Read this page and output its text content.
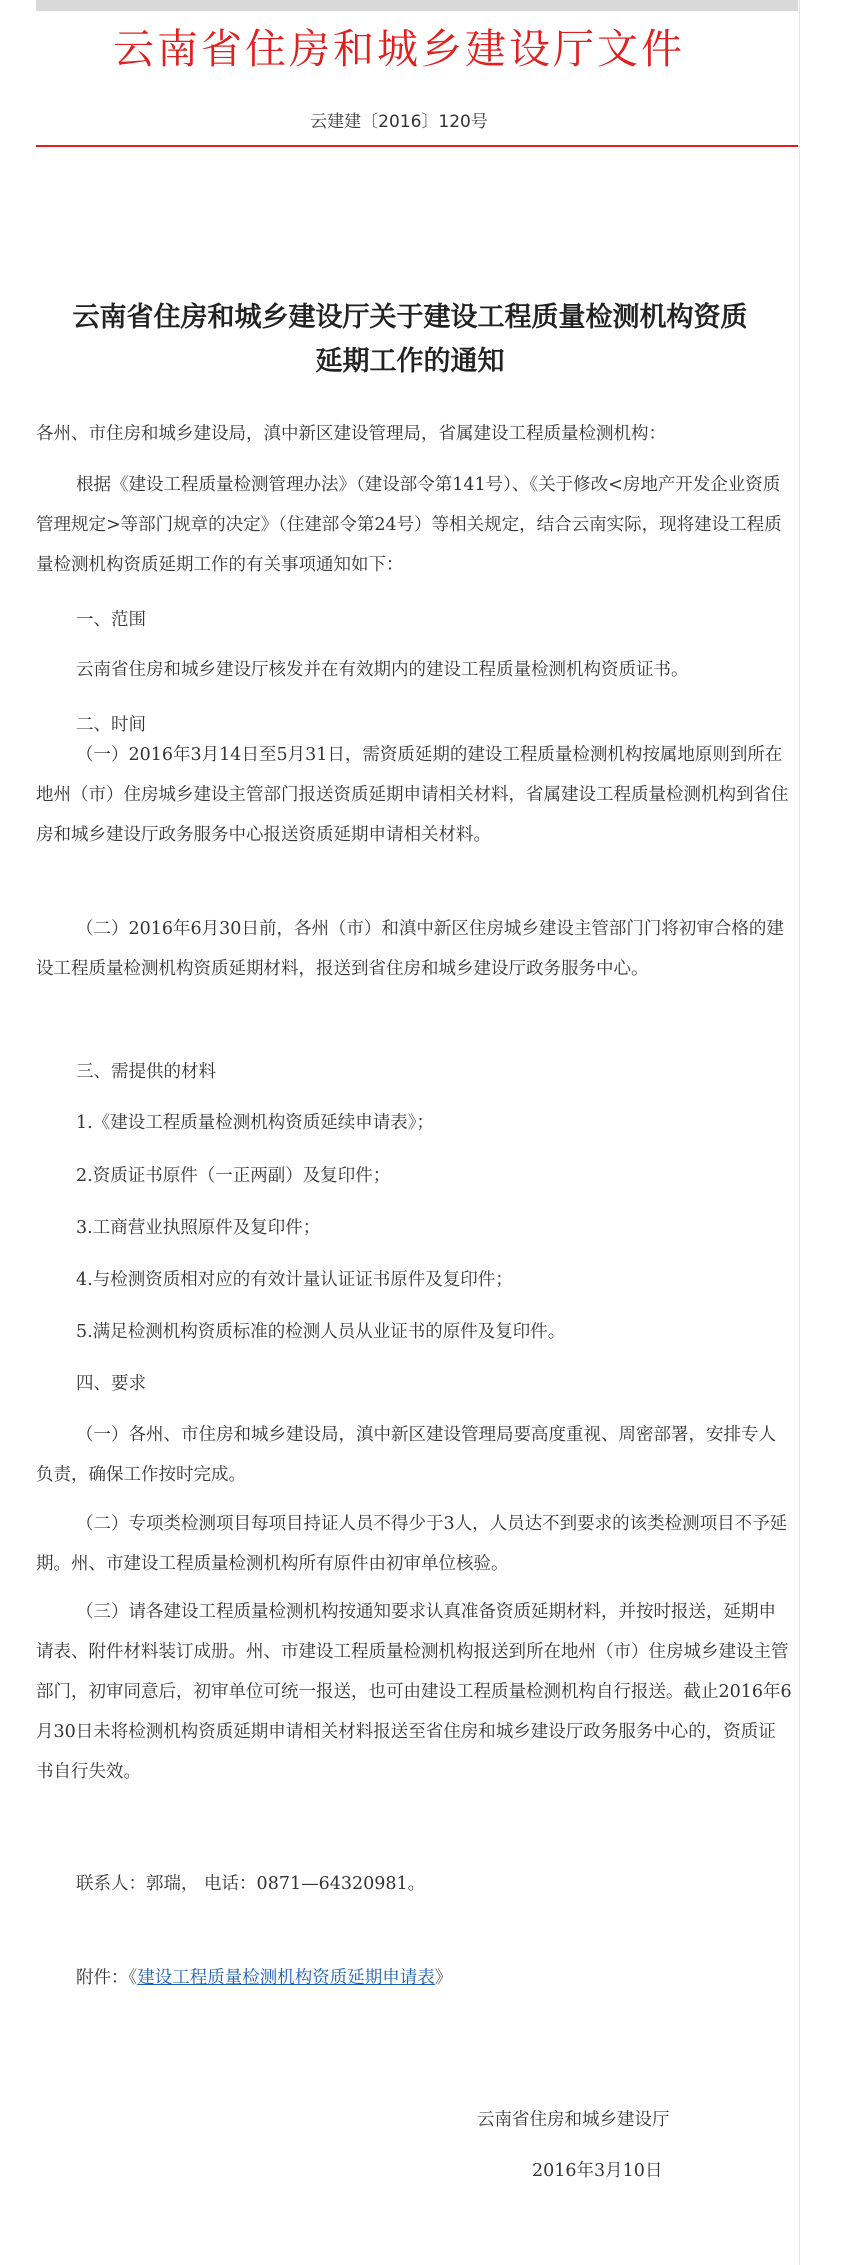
云南省住房和城乡建设厅文件
云建建〔2016〕120号
云南省住房和城乡建设厅关于建设工程质量检测机构资质
延期工作的通知

各州、市住房和城乡建设局，滇中新区建设管理局，省属建设工程质量检测机构：

根据《建设工程质量检测管理办法》（建设部令第141号）、《关于修改<房地产开发企业资质管理规定>等部门规章的决定》（住建部令第24号）等相关规定，结合云南实际，现将建设工程质量检测机构资质延期工作的有关事项通知如下：

一、范围

云南省住房和城乡建设厅核发并在有效期内的建设工程质量检测机构资质证书。

二、时间

（一）2016年3月14日至5月31日，需资质延期的建设工程质量检测机构按属地原则到所在地州（市）住房城乡建设主管部门报送资质延期申请相关材料，省属建设工程质量检测机构到省住房和城乡建设厅政务服务中心报送资质延期申请相关材料。

（二）2016年6月30日前，各州（市）和滇中新区住房城乡建设主管部门门将初审合格的建设工程质量检测机构资质延期材料，报送到省住房和城乡建设厅政务服务中心。

三、需提供的材料

1.《建设工程质量检测机构资质延续申请表》；

2.资质证书原件（一正两副）及复印件；

3.工商营业执照原件及复印件；

4.与检测资质相对应的有效计量认证证书原件及复印件；

5.满足检测机构资质标准的检测人员从业证书的原件及复印件。

四、要求

（一）各州、市住房和城乡建设局，滇中新区建设管理局要高度重视、周密部署，安排专人负责，确保工作按时完成。

（二）专项类检测项目每项目持证人员不得少于3人，人员达不到要求的该类检测项目不予延期。州、市建设工程质量检测机构所有原件由初审单位核验。

（三）请各建设工程质量检测机构按通知要求认真准备资质延期材料，并按时报送，延期申请表、附件材料装订成册。州、市建设工程质量检测机构报送到所在地州（市）住房城乡建设主管部门，初审同意后，初审单位可统一报送，也可由建设工程质量检测机构自行报送。截止2016年6月30日未将检测机构资质延期申请相关材料报送至省住房和城乡建设厅政务服务中心的，资质证书自行失效。

联系人：郭瑞， 电话：0871—64320981。

附件：《建设工程质量检测机构资质延期申请表》

云南省住房和城乡建设厅
2016年3月10日
